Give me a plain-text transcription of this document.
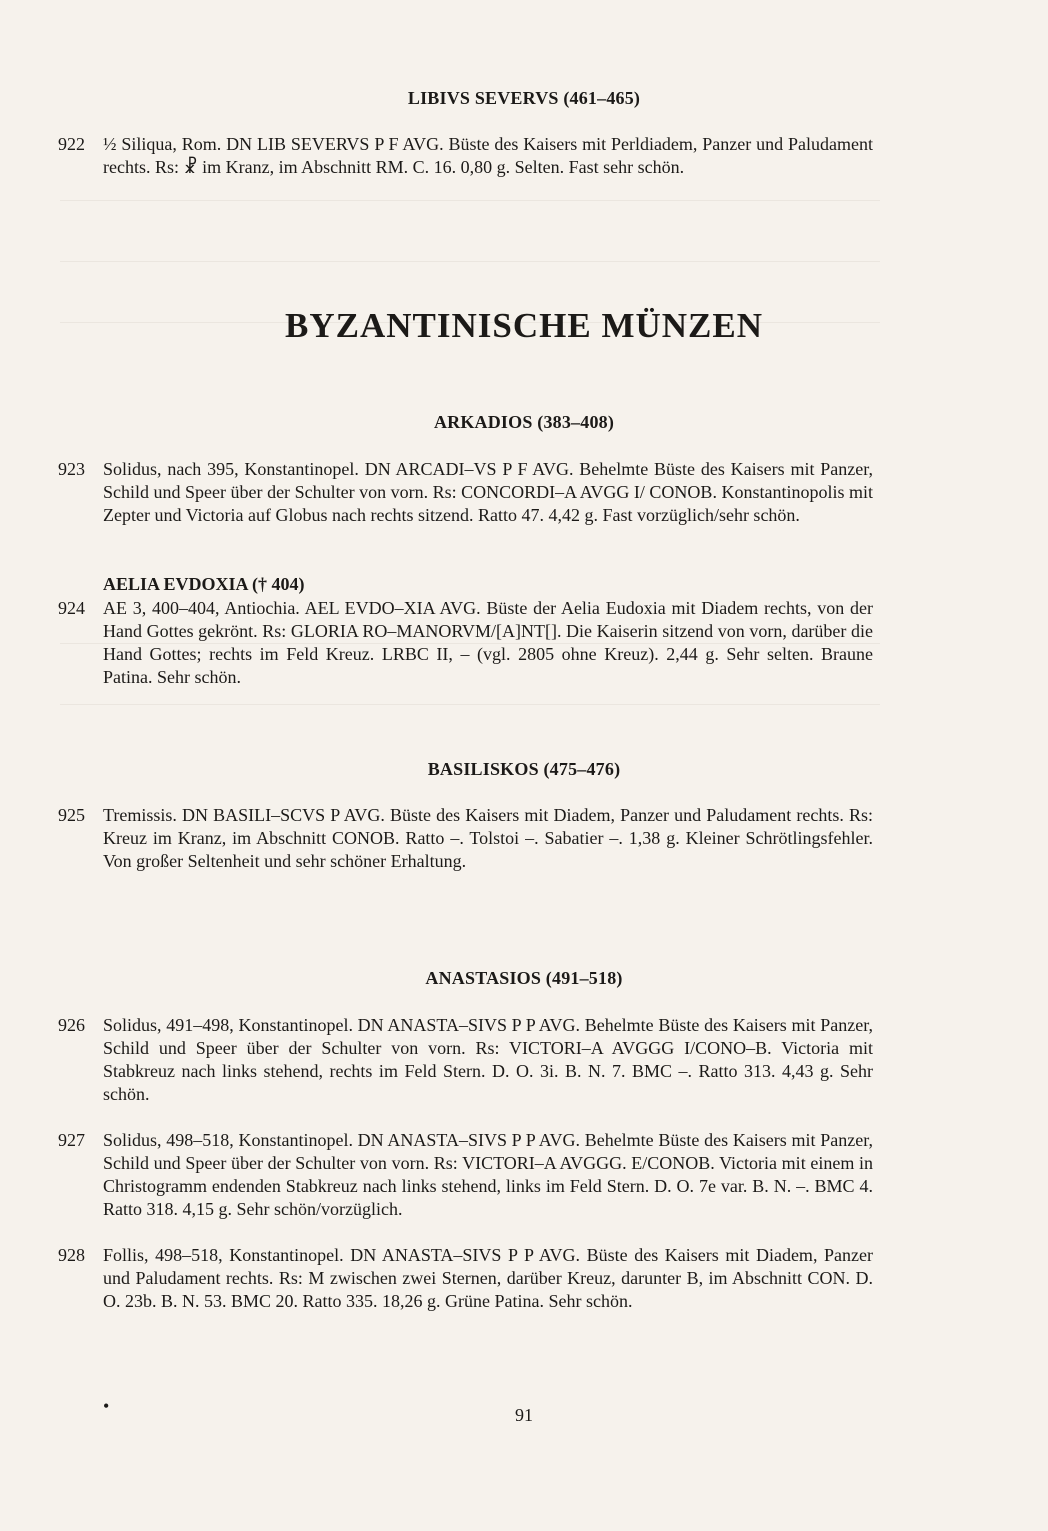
LIBIVS SEVERVS (461–465)
922	½ Siliqua, Rom. DN LIB SEVERVS P F AVG. Büste des Kaisers mit Perldiadem, Panzer und Paludament rechts. Rs: ☧ im Kranz, im Abschnitt RM. C. 16. 0,80 g. Selten. Fast sehr schön.
BYZANTINISCHE MÜNZEN
ARKADIOS (383–408)
923	Solidus, nach 395, Konstantinopel. DN ARCADI–VS P F AVG. Behelmte Büste des Kaisers mit Panzer, Schild und Speer über der Schulter von vorn. Rs: CONCORDI–A AVGG I/ CONOB. Konstantinopolis mit Zepter und Victoria auf Globus nach rechts sitzend. Ratto 47. 4,42 g. Fast vorzüglich/sehr schön.
AELIA EVDOXIA († 404)
924	AE 3, 400–404, Antiochia. AEL EVDO–XIA AVG. Büste der Aelia Eudoxia mit Diadem rechts, von der Hand Gottes gekrönt. Rs: GLORIA RO–MANORVM/[A]NT[]. Die Kaiserin sitzend von vorn, darüber die Hand Gottes; rechts im Feld Kreuz. LRBC II, – (vgl. 2805 ohne Kreuz). 2,44 g. Sehr selten. Braune Patina. Sehr schön.
BASILISKOS (475–476)
925	Tremissis. DN BASILI–SCVS P AVG. Büste des Kaisers mit Diadem, Panzer und Paludament rechts. Rs: Kreuz im Kranz, im Abschnitt CONOB. Ratto –. Tolstoi –. Sabatier –. 1,38 g. Kleiner Schrötlingsfehler. Von großer Seltenheit und sehr schöner Erhaltung.
ANASTASIOS (491–518)
926	Solidus, 491–498, Konstantinopel. DN ANASTA–SIVS P P AVG. Behelmte Büste des Kaisers mit Panzer, Schild und Speer über der Schulter von vorn. Rs: VICTORI–A AVGGG I/CONO–B. Victoria mit Stabkreuz nach links stehend, rechts im Feld Stern. D. O. 3i. B. N. 7. BMC –. Ratto 313. 4,43 g. Sehr schön.
927	Solidus, 498–518, Konstantinopel. DN ANASTA–SIVS P P AVG. Behelmte Büste des Kaisers mit Panzer, Schild und Speer über der Schulter von vorn. Rs: VICTORI–A AVGGG. E/CONOB. Victoria mit einem in Christogramm endenden Stabkreuz nach links stehend, links im Feld Stern. D. O. 7e var. B. N. –. BMC 4. Ratto 318. 4,15 g. Sehr schön/vorzüglich.
928	Follis, 498–518, Konstantinopel. DN ANASTA–SIVS P P AVG. Büste des Kaisers mit Diadem, Panzer und Paludament rechts. Rs: M zwischen zwei Sternen, darüber Kreuz, darunter B, im Abschnitt CON. D. O. 23b. B. N. 53. BMC 20. Ratto 335. 18,26 g. Grüne Patina. Sehr schön.
•	91
